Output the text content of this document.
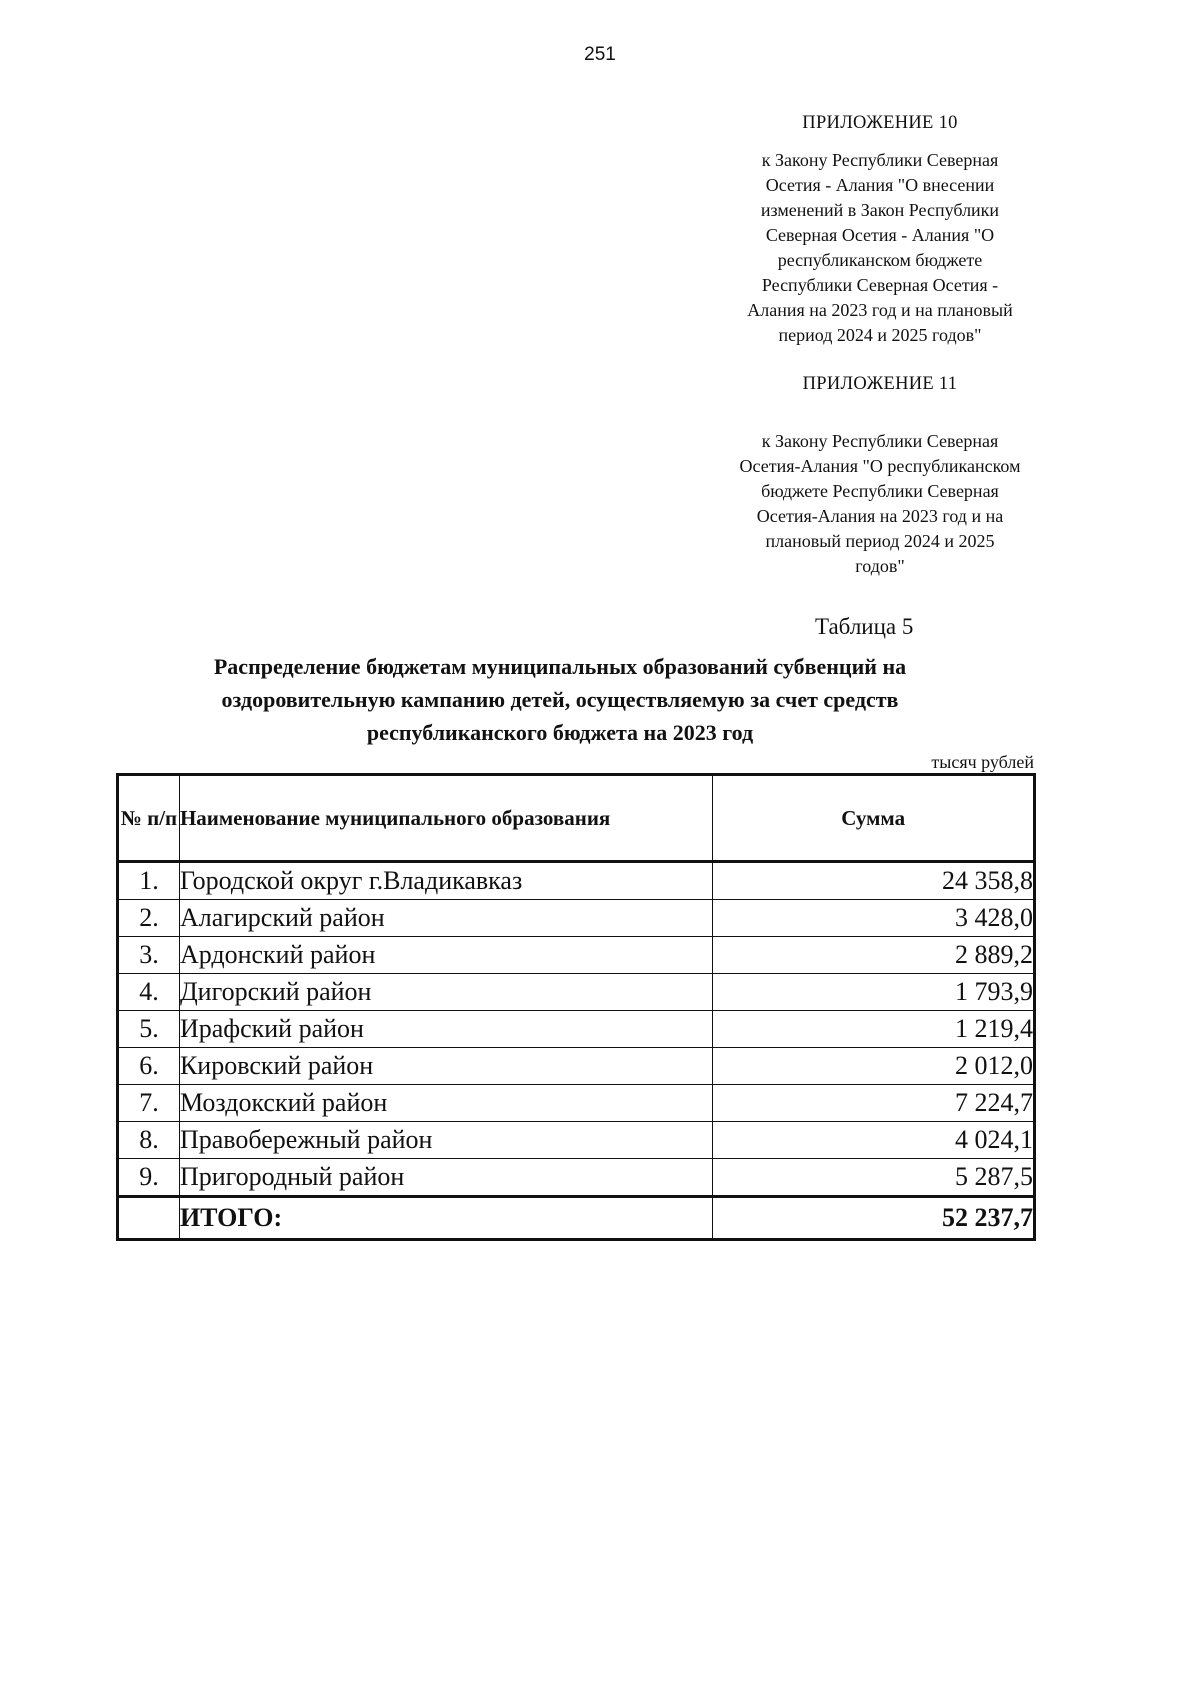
251
ПРИЛОЖЕНИЕ 10
к Закону Республики Северная
Осетия - Алания "О внесении
изменений в Закон Республики
Северная Осетия - Алания "О
республиканском бюджете
Республики Северная Осетия -
Алания на 2023 год и на плановый
период 2024 и 2025 годов"
ПРИЛОЖЕНИЕ 11
к Закону Республики Северная
Осетия-Алания "О республиканском
бюджете Республики Северная
Осетия-Алания на 2023 год и на
плановый период 2024 и 2025
годов"
Таблица 5
Распределение бюджетам муниципальных образований субвенций на
оздоровительную кампанию детей, осуществляемую за счет средств
республиканского бюджета на 2023 год
тысяч рублей
№ п/п	Наименование муниципального образования	Сумма
1.	Городской округ г.Владикавказ	24 358,8
2.	Алагирский район	3 428,0
3.	Ардонский район	2 889,2
4.	Дигорский район	1 793,9
5.	Ирафский район	1 219,4
6.	Кировский район	2 012,0
7.	Моздокский район	7 224,7
8.	Правобережный район	4 024,1
9.	Пригородный район	5 287,5
	ИТОГО:	52 237,7
